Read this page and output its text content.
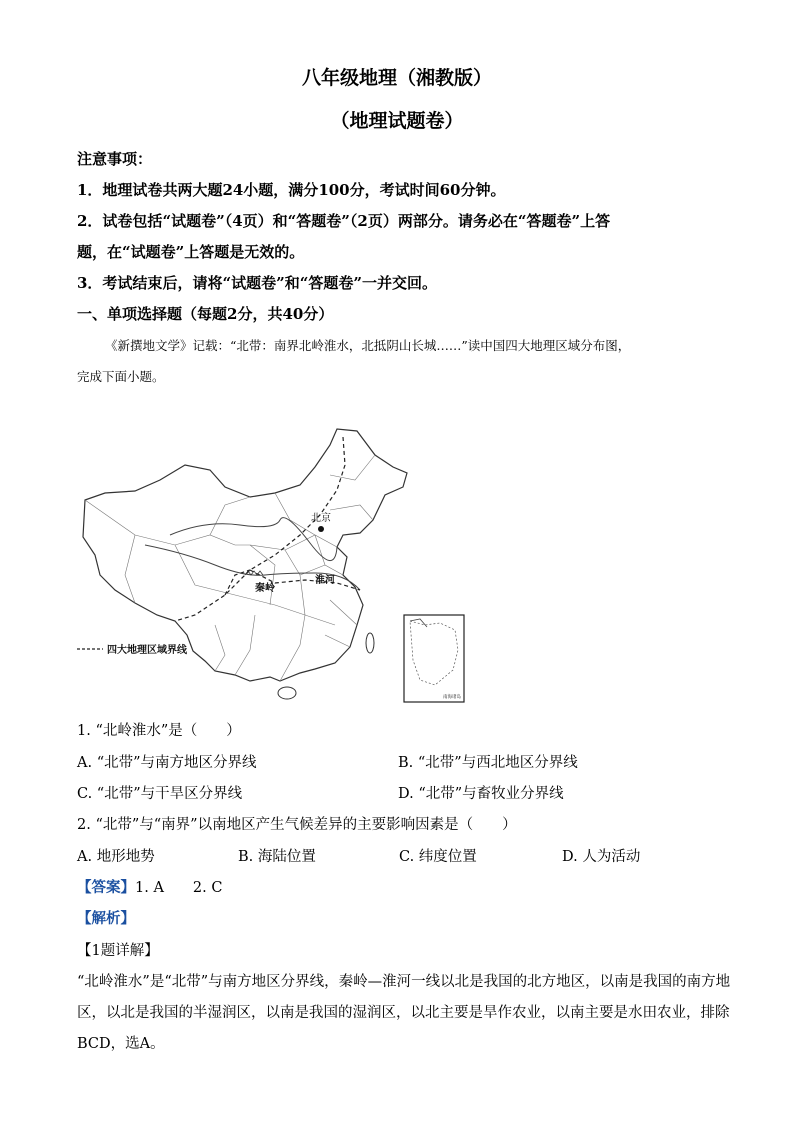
八年级地理（湘教版）
（地理试题卷）
注意事项：
1．地理试卷共两大题24小题，满分100分，考试时间60分钟。
2．试卷包括“试题卷”（4页）和“答题卷”（2页）两部分。请务必在“答题卷”上答
题，在“试题卷”上答题是无效的。
3．考试结束后，请将“试题卷”和“答题卷”一并交回。
一、单项选择题（每题2分，共40分）
《新撰地文学》记载：“北带：南界北岭淮水，北抵阴山长城……”读中国四大地理区域分布图，
完成下面小题。
北京
秦岭
淮河
四大地理区域界线
南海诸岛
1. “北岭淮水”是（　　）
A. “北带”与南方地区分界线	B. “北带”与西北地区分界线
C. “北带”与干旱区分界线	D. “北带”与畜牧业分界线
2. “北带”与“南界”以南地区产生气候差异的主要影响因素是（　　）
A. 地形地势	B. 海陆位置	C. 纬度位置	D. 人为活动
【答案】1. A　　2. C
【解析】
【1题详解】
“北岭淮水”是“北带”与南方地区分界线，秦岭—淮河一线以北是我国的北方地区，以南是我国的南方地
区，以北是我国的半湿润区，以南是我国的湿润区，以北主要是旱作农业，以南主要是水田农业，排除
BCD，选A。
